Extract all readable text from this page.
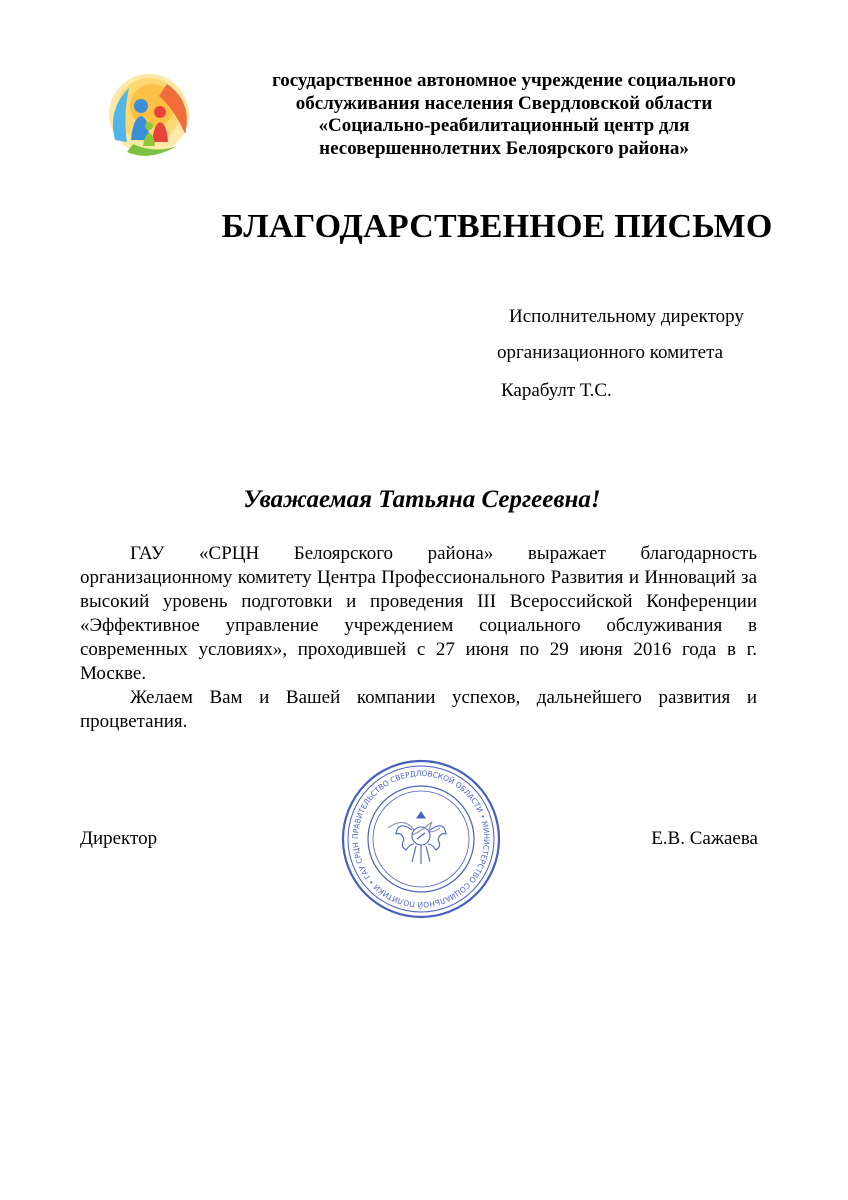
государственное автономное учреждение социального
обслуживания населения Свердловской области
«Социально-реабилитационный центр для
несовершеннолетних Белоярского района»
БЛАГОДАРСТВЕННОЕ ПИСЬМО
Исполнительному директору
организационного комитета
Карабулт Т.С.
Уважаемая Татьяна Сергеевна!

ГАУ «СРЦН Белоярского района» выражает благодарность организационному комитету Центра Профессионального Развития и Инноваций за высокий уровень подготовки и проведения III Всероссийской Конференции «Эффективное управление учреждением социального обслуживания в современных условиях», проходившей с 27 июня по 29 июня 2016 года в г. Москве.

Желаем Вам и Вашей компании успехов, дальнейшего развития и процветания.

Директор	Е.В. Сажаева
ПРАВИТЕЛЬСТВО СВЕРДЛОВСКОЙ ОБЛАСТИ • МИНИСТЕРСТВО СОЦИАЛЬНОЙ ПОЛИТИКИ • ГАУ СРЦН
